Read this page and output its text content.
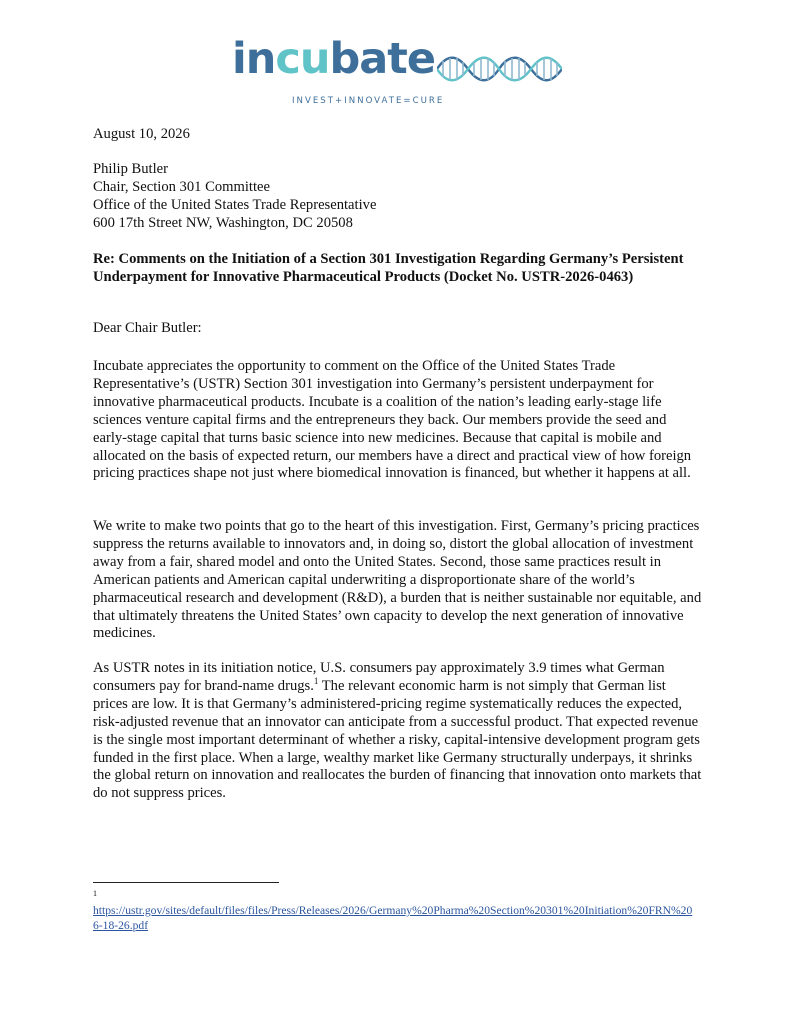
incubate
INVEST+INNOVATE=CURE
August 10, 2026
Philip Butler
Chair, Section 301 Committee
Office of the United States Trade Representative
600 17th Street NW, Washington, DC 20508
Re: Comments on the Initiation of a Section 301 Investigation Regarding Germany’s Persistent Underpayment for Innovative Pharmaceutical Products (Docket No. USTR-2026-0463)
Dear Chair Butler:
Incubate appreciates the opportunity to comment on the Office of the United States Trade Representative’s (USTR) Section 301 investigation into Germany’s persistent underpayment for innovative pharmaceutical products. Incubate is a coalition of the nation’s leading early-stage life sciences venture capital firms and the entrepreneurs they back. Our members provide the seed and early-stage capital that turns basic science into new medicines. Because that capital is mobile and allocated on the basis of expected return, our members have a direct and practical view of how foreign pricing practices shape not just where biomedical innovation is financed, but whether it happens at all.
We write to make two points that go to the heart of this investigation. First, Germany’s pricing practices suppress the returns available to innovators and, in doing so, distort the global allocation of investment away from a fair, shared model and onto the United States. Second, those same practices result in American patients and American capital underwriting a disproportionate share of the world’s pharmaceutical research and development (R&D), a burden that is neither sustainable nor equitable, and that ultimately threatens the United States’ own capacity to develop the next generation of innovative medicines.
As USTR notes in its initiation notice, U.S. consumers pay approximately 3.9 times what German consumers pay for brand-name drugs.$^1$ The relevant economic harm is not simply that German list prices are low. It is that Germany’s administered-pricing regime systematically reduces the expected, risk-adjusted revenue that an innovator can anticipate from a successful product. That expected revenue is the single most important determinant of whether a risky, capital-intensive development program gets funded in the first place. When a large, wealthy market like Germany structurally underpays, it shrinks the global return on innovation and reallocates the burden of financing that innovation onto markets that do not suppress prices.
1
https://ustr.gov/sites/default/files/files/Press/Releases/2026/Germany%20Pharma%20Section%20301%20Initiation%20FRN%206-18-26.pdf
